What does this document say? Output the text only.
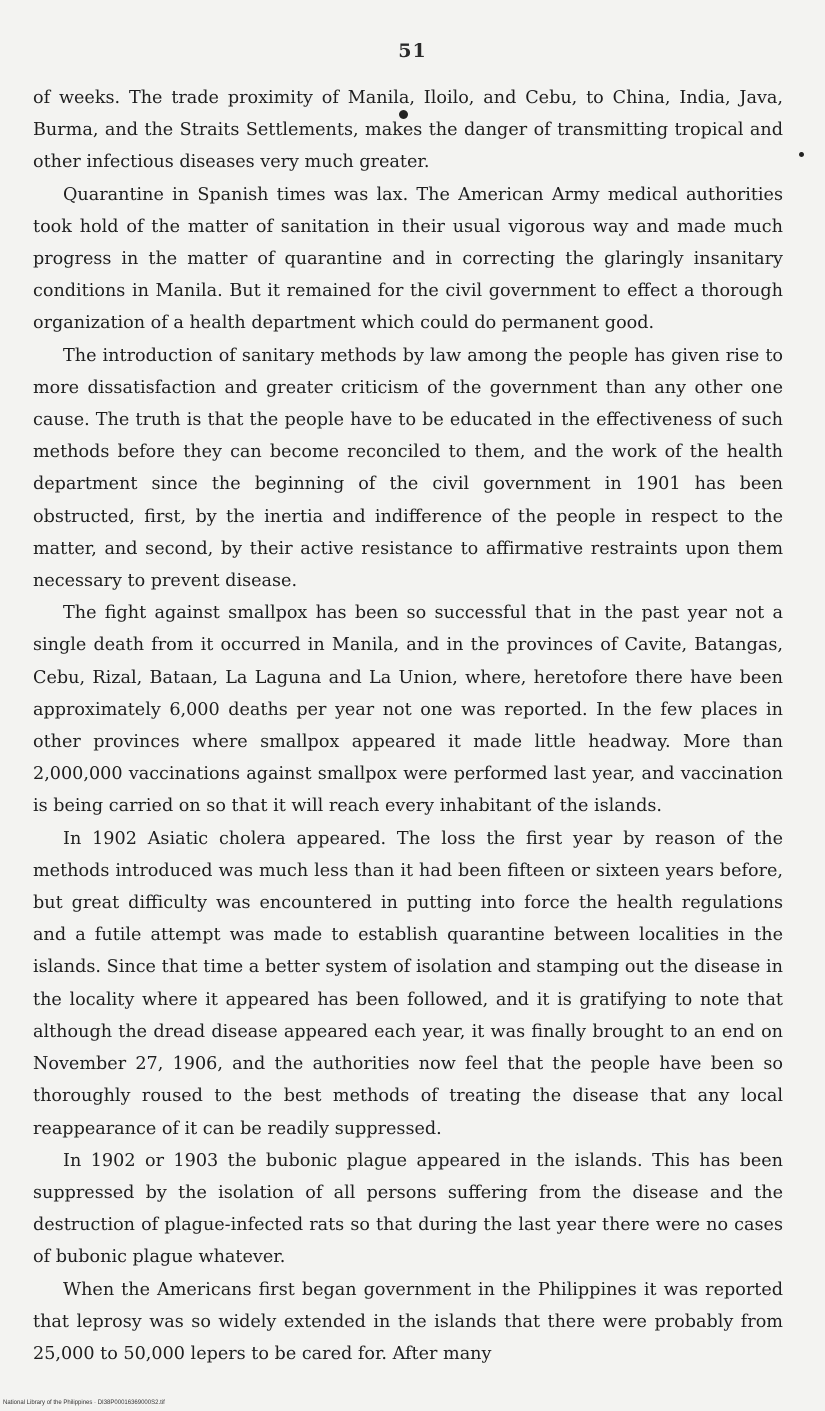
51

of weeks. The trade proximity of Manila, Iloilo, and Cebu, to China, India, Java, Burma, and the Straits Settlements, makes the danger of transmitting tropical and other infectious diseases very much greater.

Quarantine in Spanish times was lax. The American Army medical authorities took hold of the matter of sanitation in their usual vigorous way and made much progress in the matter of quarantine and in correcting the glaringly insanitary conditions in Manila. But it remained for the civil government to effect a thorough organization of a health department which could do permanent good.

The introduction of sanitary methods by law among the people has given rise to more dissatisfaction and greater criticism of the government than any other one cause. The truth is that the people have to be educated in the effectiveness of such methods before they can become reconciled to them, and the work of the health department since the beginning of the civil government in 1901 has been obstructed, first, by the inertia and indifference of the people in respect to the matter, and second, by their active resistance to affirmative restraints upon them necessary to prevent disease.

The fight against smallpox has been so successful that in the past year not a single death from it occurred in Manila, and in the provinces of Cavite, Batangas, Cebu, Rizal, Bataan, La Laguna and La Union, where, heretofore there have been approximately 6,000 deaths per year not one was reported. In the few places in other provinces where smallpox appeared it made little headway. More than 2,000,000 vaccinations against smallpox were performed last year, and vaccination is being carried on so that it will reach every inhabitant of the islands.

In 1902 Asiatic cholera appeared. The loss the first year by reason of the methods introduced was much less than it had been fifteen or sixteen years before, but great difficulty was encountered in putting into force the health regulations and a futile attempt was made to establish quarantine between localities in the islands. Since that time a better system of isolation and stamping out the disease in the locality where it appeared has been followed, and it is gratifying to note that although the dread disease appeared each year, it was finally brought to an end on November 27, 1906, and the authorities now feel that the people have been so thoroughly roused to the best methods of treating the disease that any local reappearance of it can be readily suppressed.

In 1902 or 1903 the bubonic plague appeared in the islands. This has been suppressed by the isolation of all persons suffering from the disease and the destruction of plague-infected rats so that during the last year there were no cases of bubonic plague whatever.

When the Americans first began government in the Philippines it was reported that leprosy was so widely extended in the islands that there were probably from 25,000 to 50,000 lepers to be cared for. After many

National Library of the Philippines · DI38P00016369000S2.tif
